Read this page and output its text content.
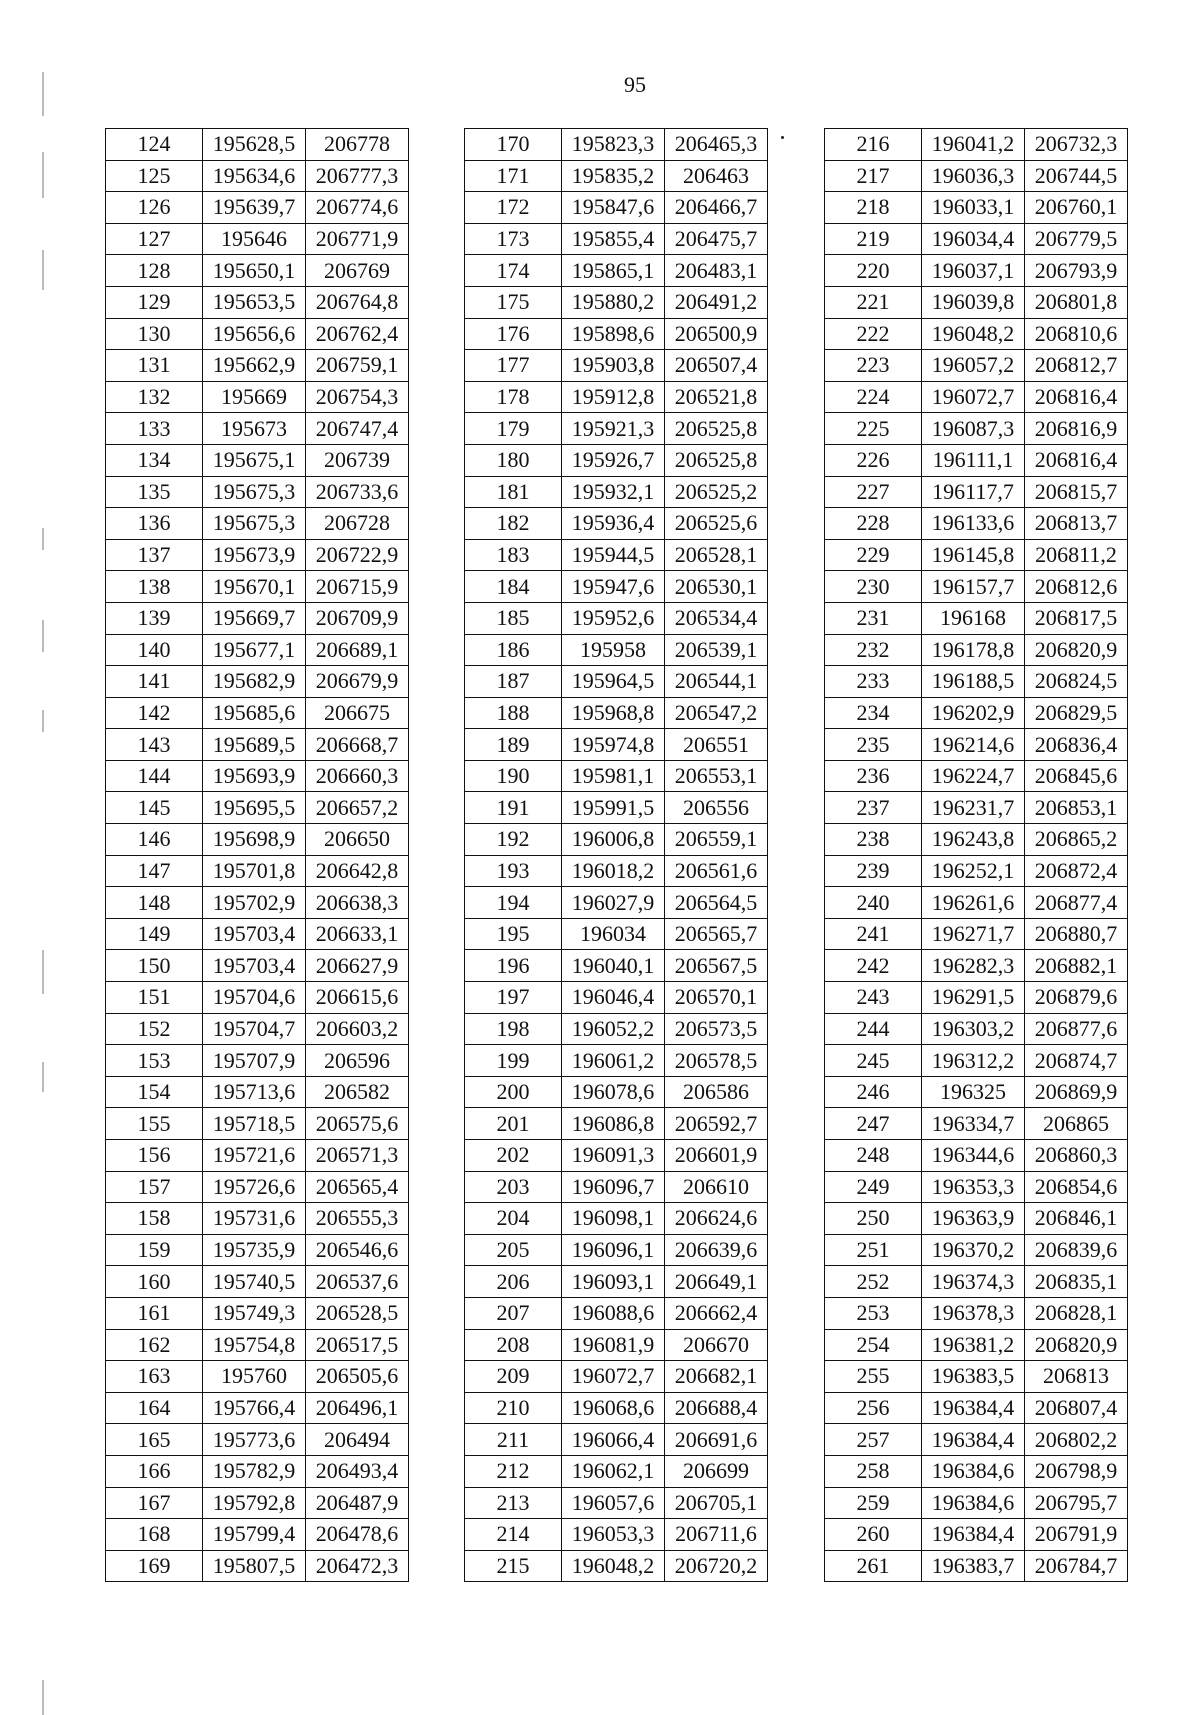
95
124	195628,5	206778
125	195634,6	206777,3
126	195639,7	206774,6
127	195646	206771,9
128	195650,1	206769
129	195653,5	206764,8
130	195656,6	206762,4
131	195662,9	206759,1
132	195669	206754,3
133	195673	206747,4
134	195675,1	206739
135	195675,3	206733,6
136	195675,3	206728
137	195673,9	206722,9
138	195670,1	206715,9
139	195669,7	206709,9
140	195677,1	206689,1
141	195682,9	206679,9
142	195685,6	206675
143	195689,5	206668,7
144	195693,9	206660,3
145	195695,5	206657,2
146	195698,9	206650
147	195701,8	206642,8
148	195702,9	206638,3
149	195703,4	206633,1
150	195703,4	206627,9
151	195704,6	206615,6
152	195704,7	206603,2
153	195707,9	206596
154	195713,6	206582
155	195718,5	206575,6
156	195721,6	206571,3
157	195726,6	206565,4
158	195731,6	206555,3
159	195735,9	206546,6
160	195740,5	206537,6
161	195749,3	206528,5
162	195754,8	206517,5
163	195760	206505,6
164	195766,4	206496,1
165	195773,6	206494
166	195782,9	206493,4
167	195792,8	206487,9
168	195799,4	206478,6
169	195807,5	206472,3
170	195823,3	206465,3
171	195835,2	206463
172	195847,6	206466,7
173	195855,4	206475,7
174	195865,1	206483,1
175	195880,2	206491,2
176	195898,6	206500,9
177	195903,8	206507,4
178	195912,8	206521,8
179	195921,3	206525,8
180	195926,7	206525,8
181	195932,1	206525,2
182	195936,4	206525,6
183	195944,5	206528,1
184	195947,6	206530,1
185	195952,6	206534,4
186	195958	206539,1
187	195964,5	206544,1
188	195968,8	206547,2
189	195974,8	206551
190	195981,1	206553,1
191	195991,5	206556
192	196006,8	206559,1
193	196018,2	206561,6
194	196027,9	206564,5
195	196034	206565,7
196	196040,1	206567,5
197	196046,4	206570,1
198	196052,2	206573,5
199	196061,2	206578,5
200	196078,6	206586
201	196086,8	206592,7
202	196091,3	206601,9
203	196096,7	206610
204	196098,1	206624,6
205	196096,1	206639,6
206	196093,1	206649,1
207	196088,6	206662,4
208	196081,9	206670
209	196072,7	206682,1
210	196068,6	206688,4
211	196066,4	206691,6
212	196062,1	206699
213	196057,6	206705,1
214	196053,3	206711,6
215	196048,2	206720,2
216	196041,2	206732,3
217	196036,3	206744,5
218	196033,1	206760,1
219	196034,4	206779,5
220	196037,1	206793,9
221	196039,8	206801,8
222	196048,2	206810,6
223	196057,2	206812,7
224	196072,7	206816,4
225	196087,3	206816,9
226	196111,1	206816,4
227	196117,7	206815,7
228	196133,6	206813,7
229	196145,8	206811,2
230	196157,7	206812,6
231	196168	206817,5
232	196178,8	206820,9
233	196188,5	206824,5
234	196202,9	206829,5
235	196214,6	206836,4
236	196224,7	206845,6
237	196231,7	206853,1
238	196243,8	206865,2
239	196252,1	206872,4
240	196261,6	206877,4
241	196271,7	206880,7
242	196282,3	206882,1
243	196291,5	206879,6
244	196303,2	206877,6
245	196312,2	206874,7
246	196325	206869,9
247	196334,7	206865
248	196344,6	206860,3
249	196353,3	206854,6
250	196363,9	206846,1
251	196370,2	206839,6
252	196374,3	206835,1
253	196378,3	206828,1
254	196381,2	206820,9
255	196383,5	206813
256	196384,4	206807,4
257	196384,4	206802,2
258	196384,6	206798,9
259	196384,6	206795,7
260	196384,4	206791,9
261	196383,7	206784,7
